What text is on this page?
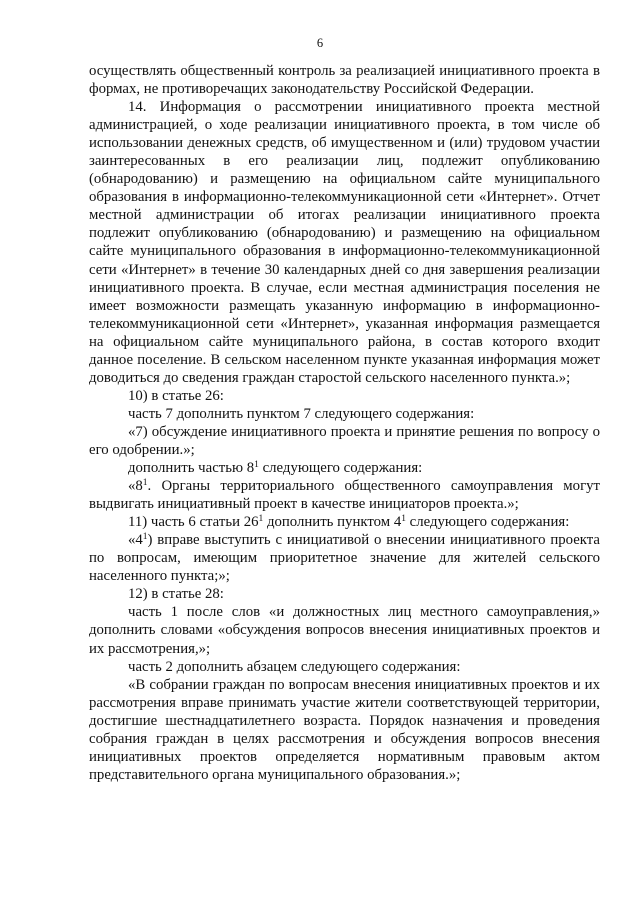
6

осуществлять общественный контроль за реализацией инициативного проекта в формах, не противоречащих законодательству Российской Федерации.

14. Информация о рассмотрении инициативного проекта местной администрацией, о ходе реализации инициативного проекта, в том числе об использовании денежных средств, об имущественном и (или) трудовом участии заинтересованных в его реализации лиц, подлежит опубликованию (обнародованию) и размещению на официальном сайте муниципального образования в информационно-телекоммуникационной сети «Интернет». Отчет местной администрации об итогах реализации инициативного проекта подлежит опубликованию (обнародованию) и размещению на официальном сайте муниципального образования в информационно-телекоммуникационной сети «Интернет» в течение 30 календарных дней со дня завершения реализации инициативного проекта. В случае, если местная администрация поселения не имеет возможности размещать указанную информацию в информационно-телекоммуникационной сети «Интернет», указанная информация размещается на официальном сайте муниципального района, в состав которого входит данное поселение. В сельском населенном пункте указанная информация может доводиться до сведения граждан старостой сельского населенного пункта.»;

10) в статье 26:

часть 7 дополнить пунктом 7 следующего содержания:

«7) обсуждение инициативного проекта и принятие решения по вопросу о его одобрении.»;

дополнить частью $8^1$ следующего содержания:

«$8^1$. Органы территориального общественного самоуправления могут выдвигать инициативный проект в качестве инициаторов проекта.»;

11) часть 6 статьи $26^1$ дополнить пунктом $4^1$ следующего содержания:

«$4^1$) вправе выступить с инициативой о внесении инициативного проекта по вопросам, имеющим приоритетное значение для жителей сельского населенного пункта;»;

12) в статье 28:

часть 1 после слов «и должностных лиц местного самоуправления,» дополнить словами «обсуждения вопросов внесения инициативных проектов и их рассмотрения,»;

часть 2 дополнить абзацем следующего содержания:

«В собрании граждан по вопросам внесения инициативных проектов и их рассмотрения вправе принимать участие жители соответствующей территории, достигшие шестнадцатилетнего возраста. Порядок назначения и проведения собрания граждан в целях рассмотрения и обсуждения вопросов внесения инициативных проектов определяется нормативным правовым актом представительного органа муниципального образования.»;
